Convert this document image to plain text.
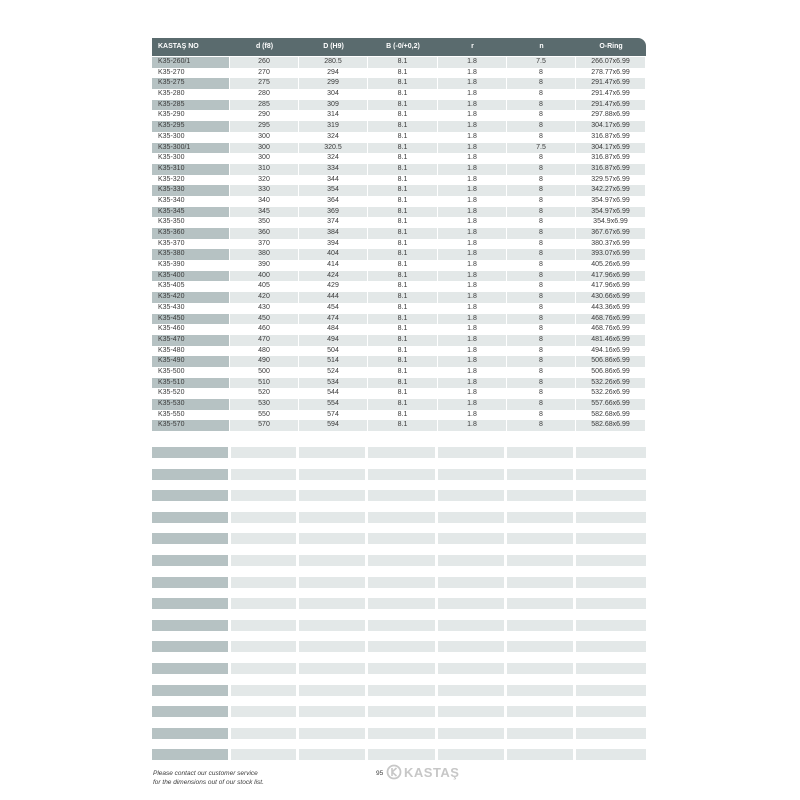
KASTAŞ NO	d (f8)	D (H9)	B (-0/+0,2)	r	n	O-Ring
K35-260/1	260	280.5	8.1	1.8	7.5	266.07x6.99
K35-270	270	294	8.1	1.8	8	278.77x6.99
K35-275	275	299	8.1	1.8	8	291.47x6.99
K35-280	280	304	8.1	1.8	8	291.47x6.99
K35-285	285	309	8.1	1.8	8	291.47x6.99
K35-290	290	314	8.1	1.8	8	297.88x6.99
K35-295	295	319	8.1	1.8	8	304.17x6.99
K35-300	300	324	8.1	1.8	8	316.87x6.99
K35-300/1	300	320.5	8.1	1.8	7.5	304.17x6.99
K35-300	300	324	8.1	1.8	8	316.87x6.99
K35-310	310	334	8.1	1.8	8	316.87x6.99
K35-320	320	344	8.1	1.8	8	329.57x6.99
K35-330	330	354	8.1	1.8	8	342.27x6.99
K35-340	340	364	8.1	1.8	8	354.97x6.99
K35-345	345	369	8.1	1.8	8	354.97x6.99
K35-350	350	374	8.1	1.8	8	354.9x6.99
K35-360	360	384	8.1	1.8	8	367.67x6.99
K35-370	370	394	8.1	1.8	8	380.37x6.99
K35-380	380	404	8.1	1.8	8	393.07x6.99
K35-390	390	414	8.1	1.8	8	405.26x6.99
K35-400	400	424	8.1	1.8	8	417.96x6.99
K35-405	405	429	8.1	1.8	8	417.96x6.99
K35-420	420	444	8.1	1.8	8	430.66x6.99
K35-430	430	454	8.1	1.8	8	443.36x6.99
K35-450	450	474	8.1	1.8	8	468.76x6.99
K35-460	460	484	8.1	1.8	8	468.76x6.99
K35-470	470	494	8.1	1.8	8	481.46x6.99
K35-480	480	504	8.1	1.8	8	494.16x6.99
K35-490	490	514	8.1	1.8	8	506.86x6.99
K35-500	500	524	8.1	1.8	8	506.86x6.99
K35-510	510	534	8.1	1.8	8	532.26x6.99
K35-520	520	544	8.1	1.8	8	532.26x6.99
K35-530	530	554	8.1	1.8	8	557.66x6.99
K35-550	550	574	8.1	1.8	8	582.68x6.99
K35-570	570	594	8.1	1.8	8	582.68x6.99
Please contact our customer service
for the dimensions out of our stock list.
95 KASTAŞ
